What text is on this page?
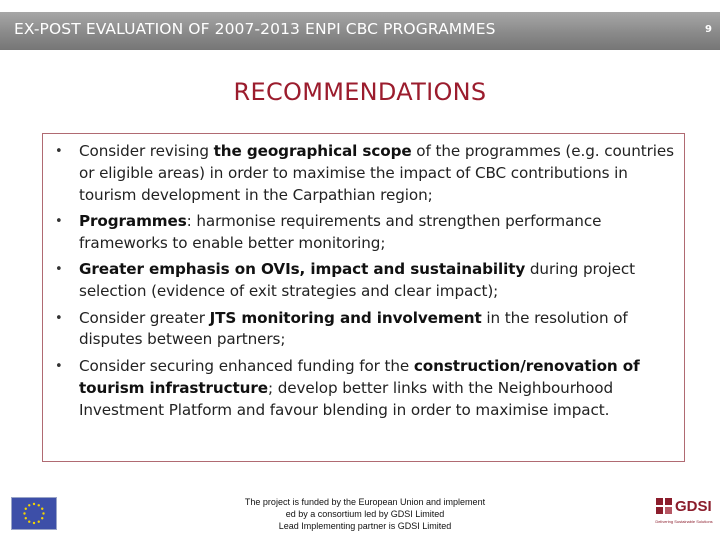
EX-POST EVALUATION OF 2007-2013 ENPI CBC PROGRAMMES	9
RECOMMENDATIONS
• Consider revising the geographical scope of the programmes (e.g. countries or eligible areas) in order to maximise the impact of CBC contributions in tourism development in the Carpathian region;
• Programmes: harmonise requirements and strengthen performance frameworks to enable better monitoring;
• Greater emphasis on OVIs, impact and sustainability during project selection (evidence of exit strategies and clear impact);
• Consider greater JTS monitoring and involvement in the resolution of disputes between partners;
• Consider securing enhanced funding for the construction/renovation of tourism infrastructure; develop better links with the Neighbourhood Investment Platform and favour blending in order to maximise impact.
The project is funded by the European Union and implement
ed by a consortium led by GDSI Limited
Lead Implementing partner is GDSI Limited
GDSI
Delivering Sustainable Solutions
